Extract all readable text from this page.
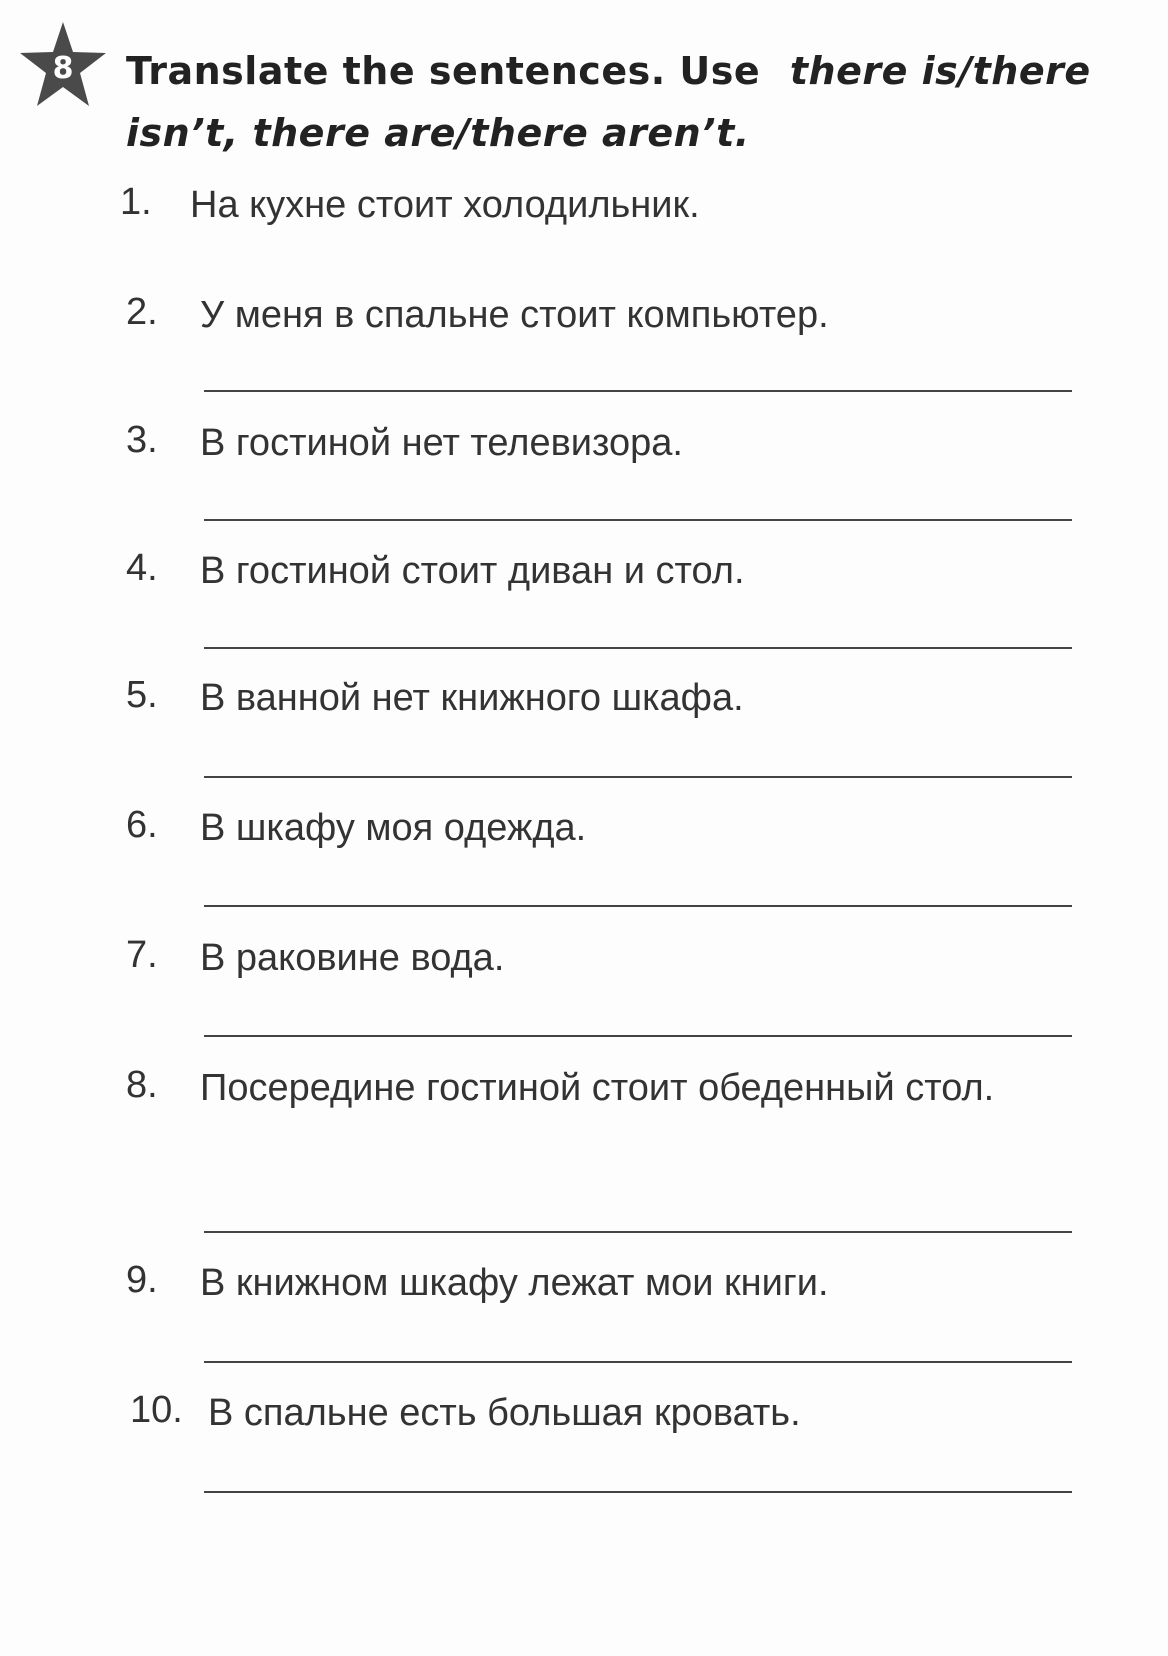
8 Translate the sentences. Use there is/there
isn’t, there are/there aren’t.
1.	На кухне стоит холодильник.
2.	У меня в спальне стоит компьютер.
3.	В гостиной нет телевизора.
4.	В гостиной стоит диван и стол.
5.	В ванной нет книжного шкафа.
6.	В шкафу моя одежда.
7.	В раковине вода.
8.	Посередине гостиной стоит обеденный стол.
9.	В книжном шкафу лежат мои книги.
10. В спальне есть большая кровать.
